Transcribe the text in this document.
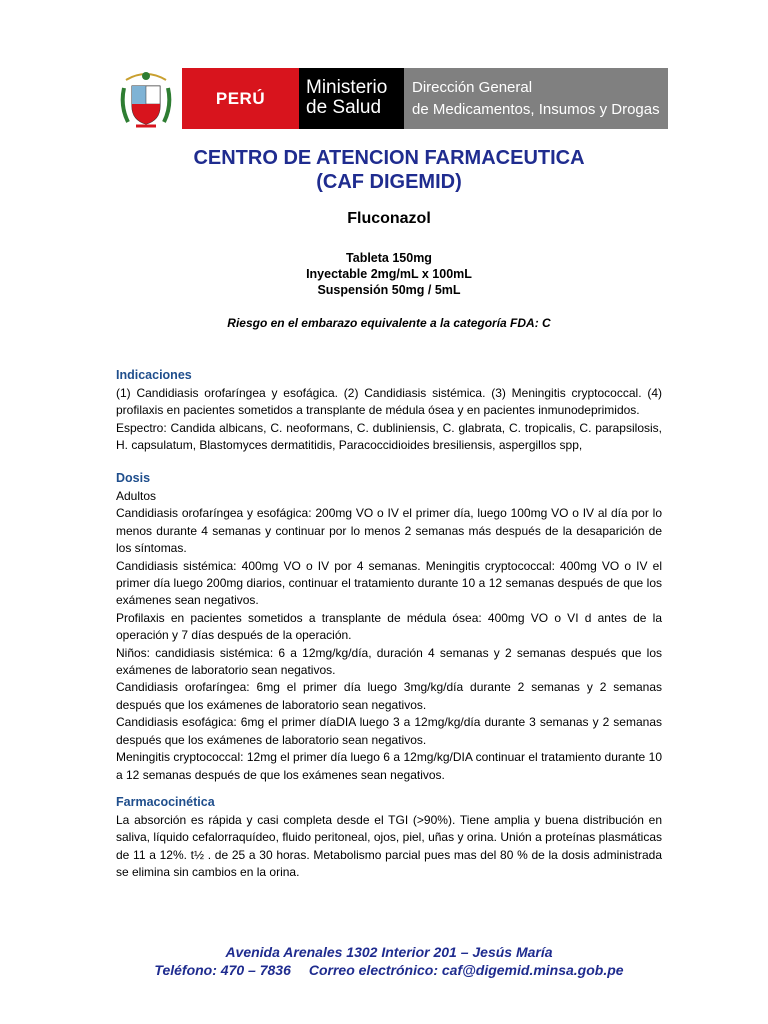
PERÚ	Ministerio
de Salud
Dirección General
de Medicamentos, Insumos y Drogas
CENTRO DE ATENCION FARMACEUTICA
(CAF DIGEMID)
Fluconazol
Tableta 150mg
Inyectable 2mg/mL x 100mL
Suspensión 50mg / 5mL
Riesgo en el embarazo equivalente a la categoría FDA: C
Indicaciones

(1) Candidiasis orofaríngea y esofágica. (2) Candidiasis sistémica. (3) Meningitis cryptococcal. (4) profilaxis en pacientes sometidos a transplante de médula ósea y en pacientes inmunodeprimidos.

Espectro: Candida albicans, C. neoformans, C. dubliniensis, C. glabrata, C. tropicalis, C. parapsilosis, H. capsulatum, Blastomyces dermatitidis, Paracoccidioides bresiliensis, aspergillos spp,

Dosis

Adultos

Candidiasis orofaríngea y esofágica: 200mg VO o IV el primer día, luego 100mg VO o IV al día por lo menos durante 4 semanas y continuar por lo menos 2 semanas más después de la desaparición de los síntomas.

Candidiasis sistémica: 400mg VO o IV por 4 semanas. Meningitis cryptococcal: 400mg VO o IV el primer día luego 200mg diarios, continuar el tratamiento durante 10 a 12 semanas después de que los exámenes sean negativos.

Profilaxis en pacientes sometidos a transplante de médula ósea: 400mg VO o VI d antes de la operación y 7 días después de la operación.

Niños: candidiasis sistémica: 6 a 12mg/kg/día, duración 4 semanas y 2 semanas después que los exámenes de laboratorio sean negativos.

Candidiasis orofaríngea: 6mg el primer día luego 3mg/kg/día durante 2 semanas y 2 semanas después que los exámenes de laboratorio sean negativos.

Candidiasis esofágica: 6mg el primer díaDIA luego 3 a 12mg/kg/día durante 3 semanas y 2 semanas después que los exámenes de laboratorio sean negativos.

Meningitis cryptococcal: 12mg el primer día luego 6 a 12mg/kg/DIA continuar el tratamiento durante 10 a 12 semanas después de que los exámenes sean negativos.

Farmacocinética

La absorción es rápida y casi completa desde el TGI (>90%). Tiene amplia y buena distribución en saliva, líquido cefalorraquídeo, fluido peritoneal, ojos, piel, uñas y orina. Unión a proteínas plasmáticas de 11 a 12%. t½ . de 25 a 30 horas. Metabolismo parcial pues mas del 80 % de la dosis administrada se elimina sin cambios en la orina.

Avenida Arenales 1302 Interior 201 – Jesús María
Teléfono: 470 – 7836 Correo electrónico: caf@digemid.minsa.gob.pe
